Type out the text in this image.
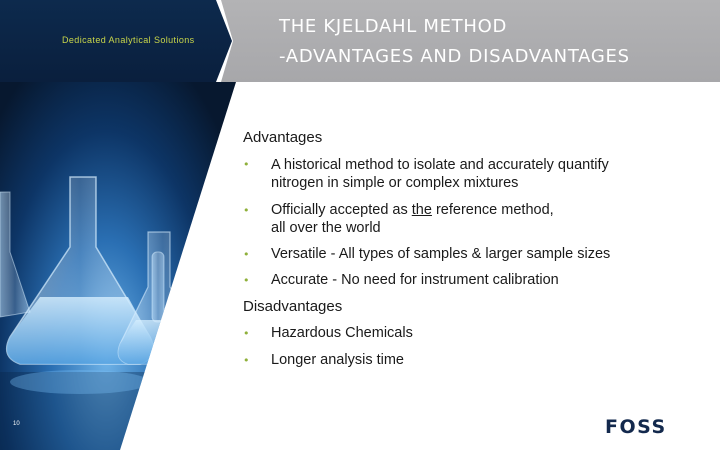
Dedicated Analytical Solutions
THE KJELDAHL METHOD
-ADVANTAGES AND DISADVANTAGES
10
Advantages
• A historical method to isolate and accurately quantify
nitrogen in simple or complex mixtures
• Officially accepted as the reference method,
all over the world
• Versatile - All types of samples & larger sample sizes
• Accurate - No need for instrument calibration
Disadvantages
• Hazardous Chemicals
• Longer analysis time
FOSS
